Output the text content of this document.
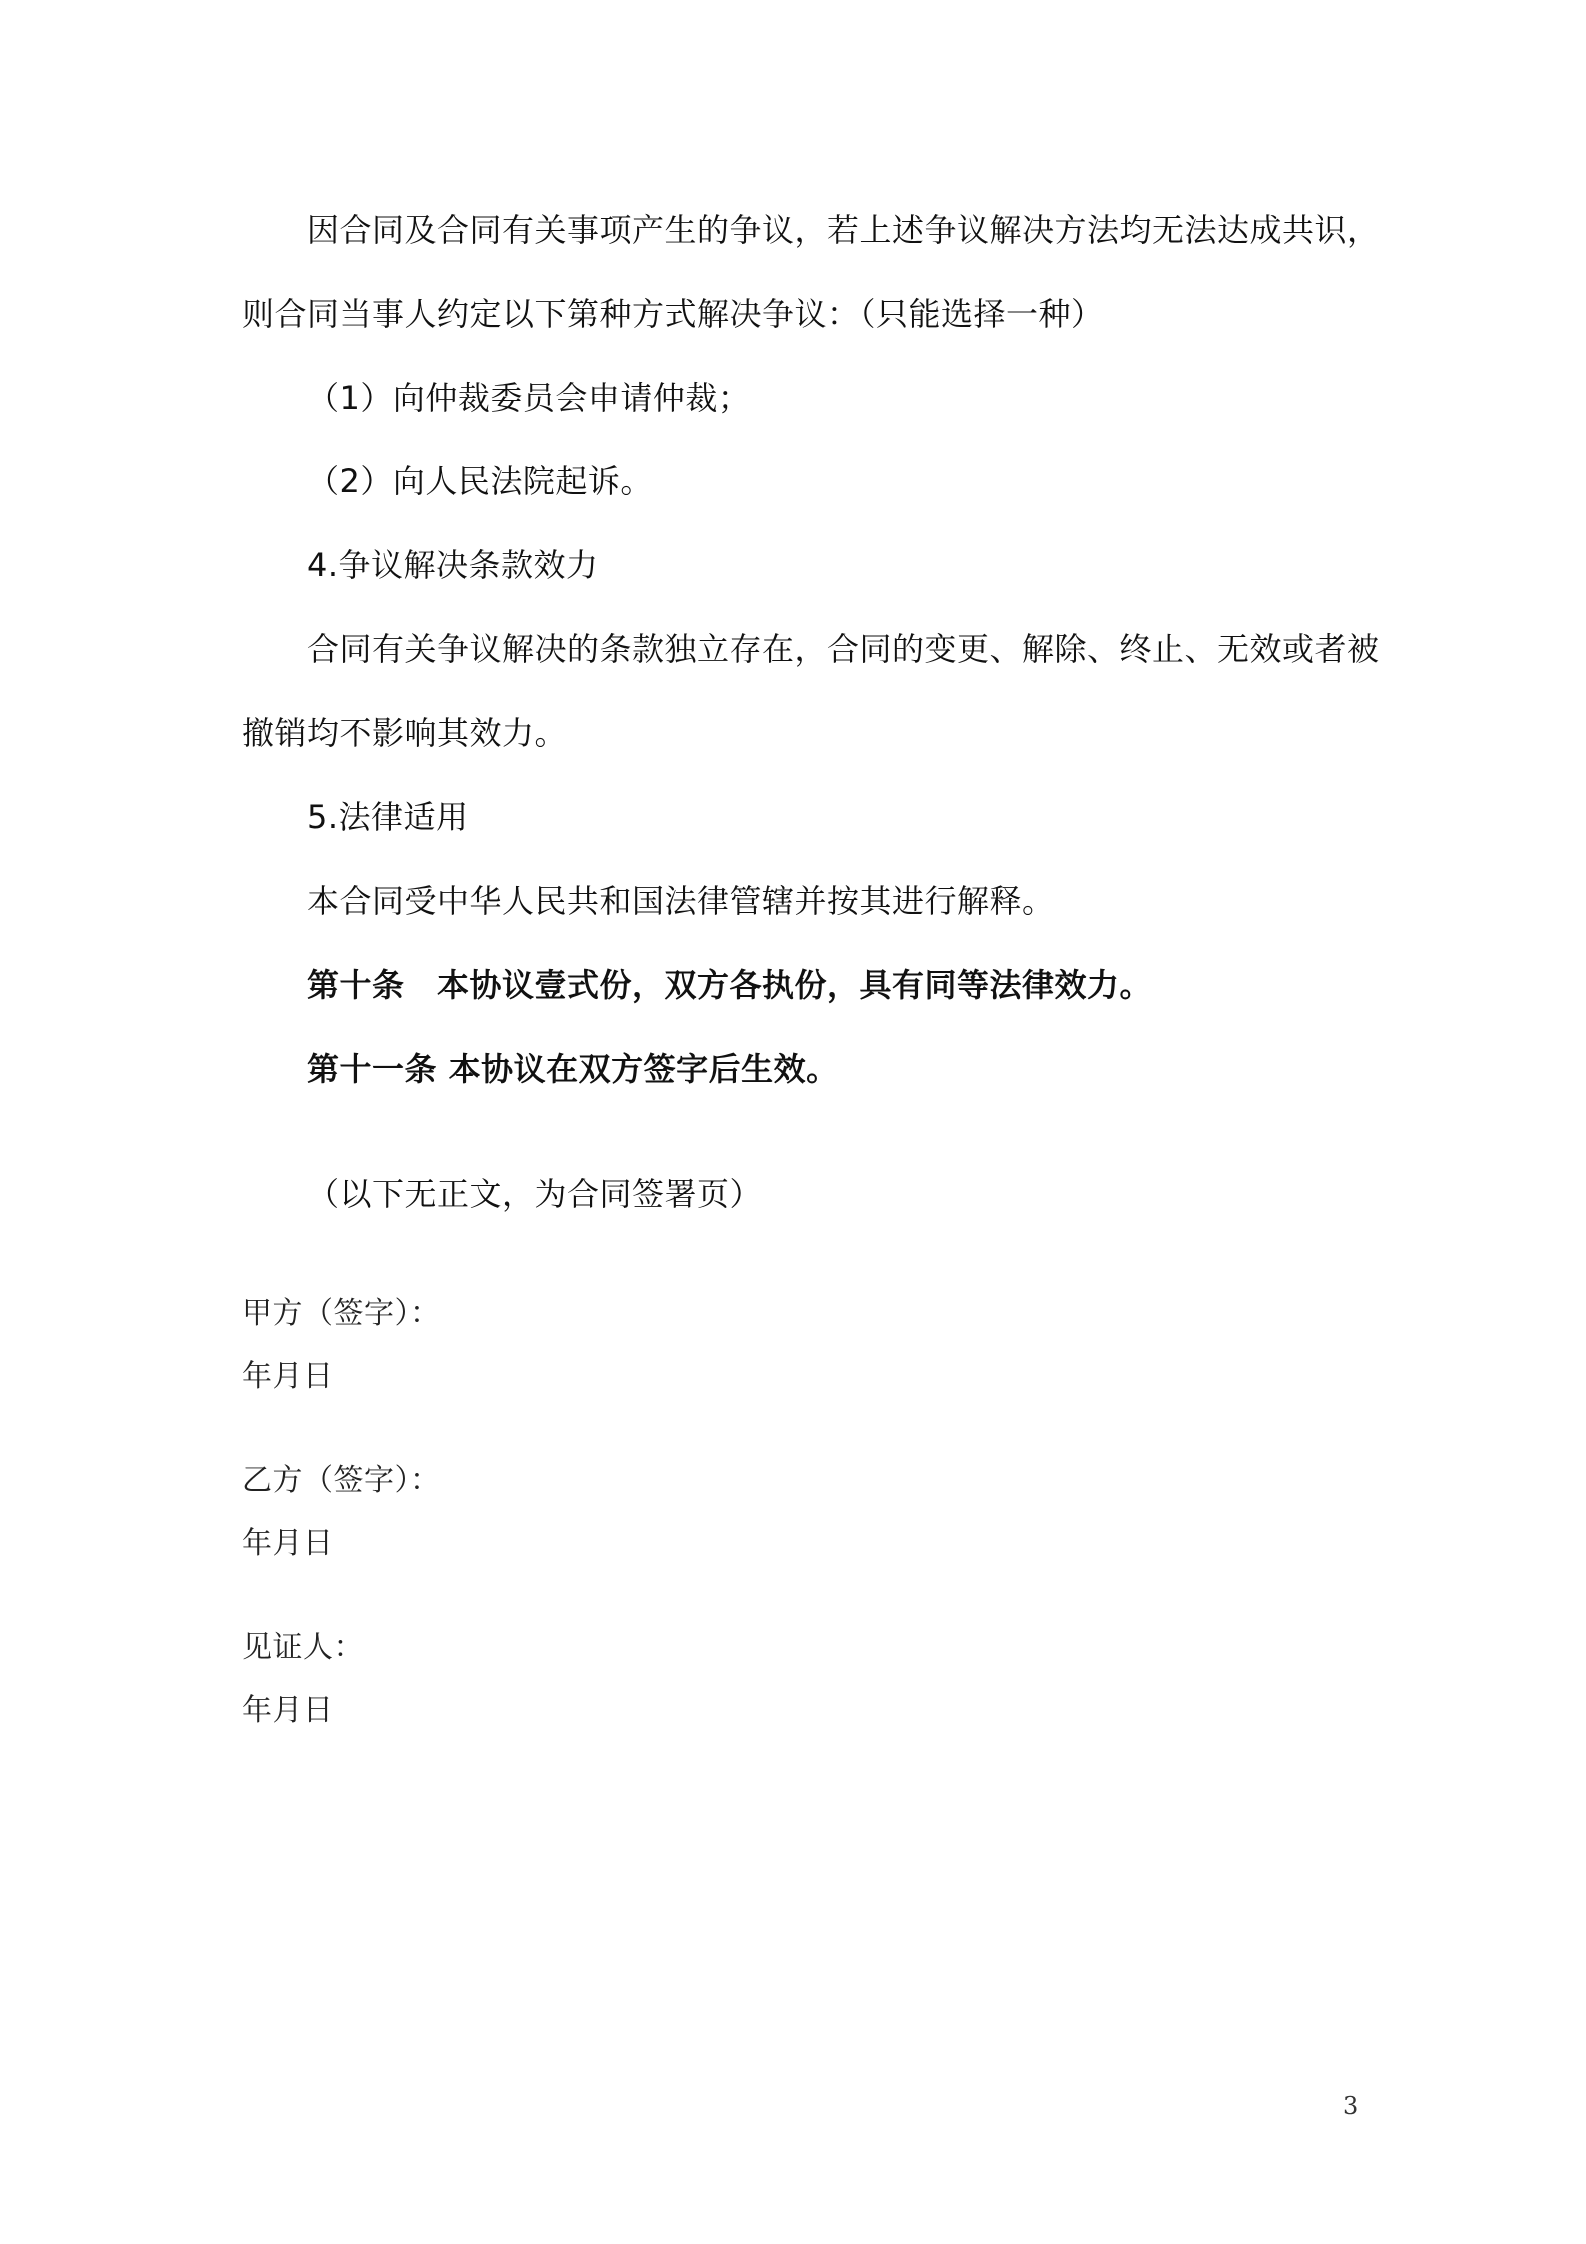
因合同及合同有关事项产生的争议，若上述争议解决方法均无法达成共识，
则合同当事人约定以下第种方式解决争议：（只能选择一种）
（1）向仲裁委员会申请仲裁；
（2）向人民法院起诉。
4.争议解决条款效力
合同有关争议解决的条款独立存在，合同的变更、解除、终止、无效或者被
撤销均不影响其效力。
5.法律适用
本合同受中华人民共和国法律管辖并按其进行解释。
第十条　本协议壹式份，双方各执份，具有同等法律效力。
第十一条 本协议在双方签字后生效。
（以下无正文，为合同签署页）
甲方（签字）：
年月日
乙方（签字）：
年月日
见证人：
年月日
3
